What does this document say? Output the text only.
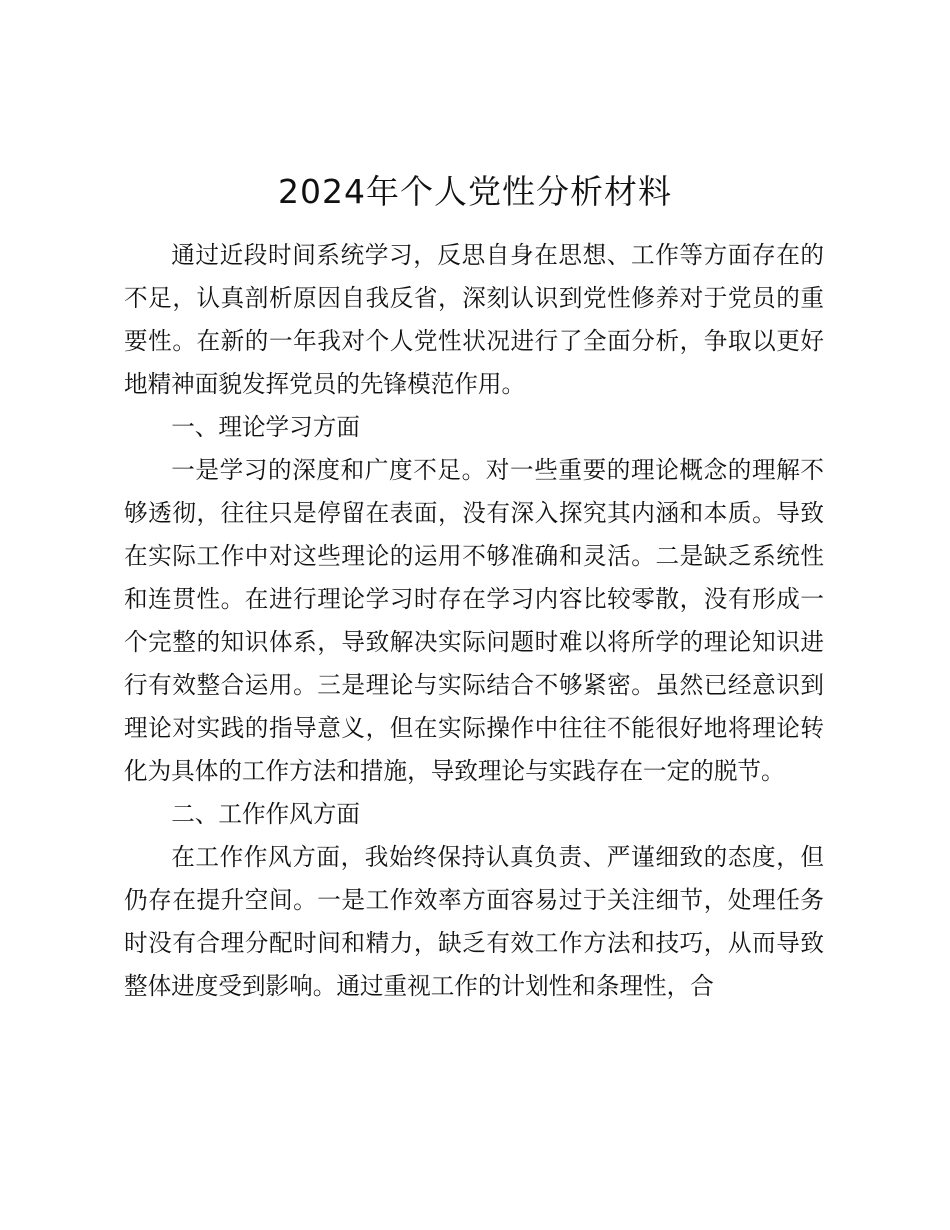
2024年个人党性分析材料

通过近段时间系统学习，反思自身在思想、工作等方面存在的不足，认真剖析原因自我反省，深刻认识到党性修养对于党员的重要性。在新的一年我对个人党性状况进行了全面分析，争取以更好地精神面貌发挥党员的先锋模范作用。

一、理论学习方面

一是学习的深度和广度不足。对一些重要的理论概念的理解不够透彻，往往只是停留在表面，没有深入探究其内涵和本质。导致在实际工作中对这些理论的运用不够准确和灵活。二是缺乏系统性和连贯性。在进行理论学习时存在学习内容比较零散，没有形成一个完整的知识体系，导致解决实际问题时难以将所学的理论知识进行有效整合运用。三是理论与实际结合不够紧密。虽然已经意识到理论对实践的指导意义，但在实际操作中往往不能很好地将理论转化为具体的工作方法和措施，导致理论与实践存在一定的脱节。

二、工作作风方面

在工作作风方面，我始终保持认真负责、严谨细致的态度，但仍存在提升空间。一是工作效率方面容易过于关注细节，处理任务时没有合理分配时间和精力，缺乏有效工作方法和技巧，从而导致整体进度受到影响。通过重视工作的计划性和条理性，合
